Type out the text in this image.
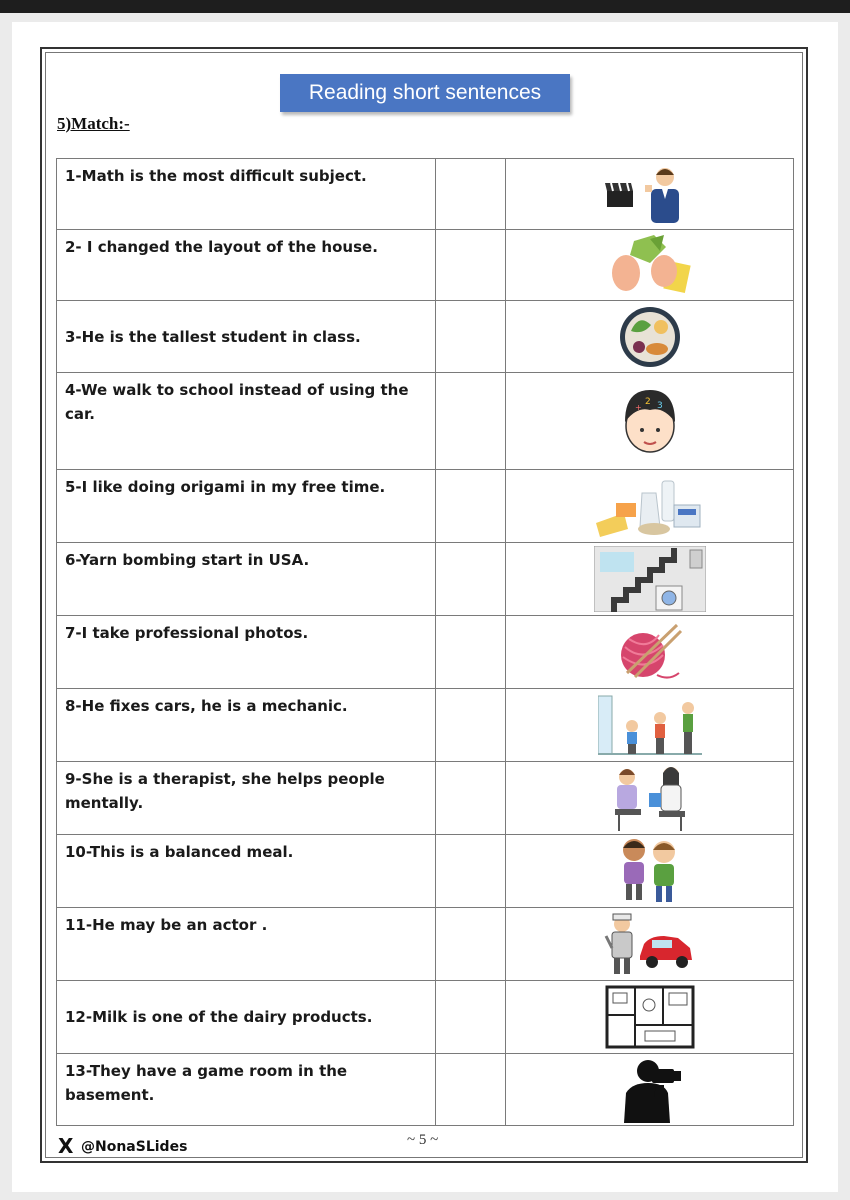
Reading short sentences
5)Match:-
1-Math is the most difficult subject.		

2- I changed the layout of the house.		

3-He is the tallest student in class.		

4-We walk to school instead of using the car.		2 3
+

5-I like doing origami in my free time.		

6-Yarn bombing start in USA.		

7-I take professional photos.		

8-He fixes cars, he is a mechanic.		

9-She is a therapist, she helps people mentally.		

10-This is a balanced meal.		

11-He may be an actor .		

12-Milk is one of the dairy products.		

13-They have a game room in the basement.		
X @NonaSLides	~ 5 ~
